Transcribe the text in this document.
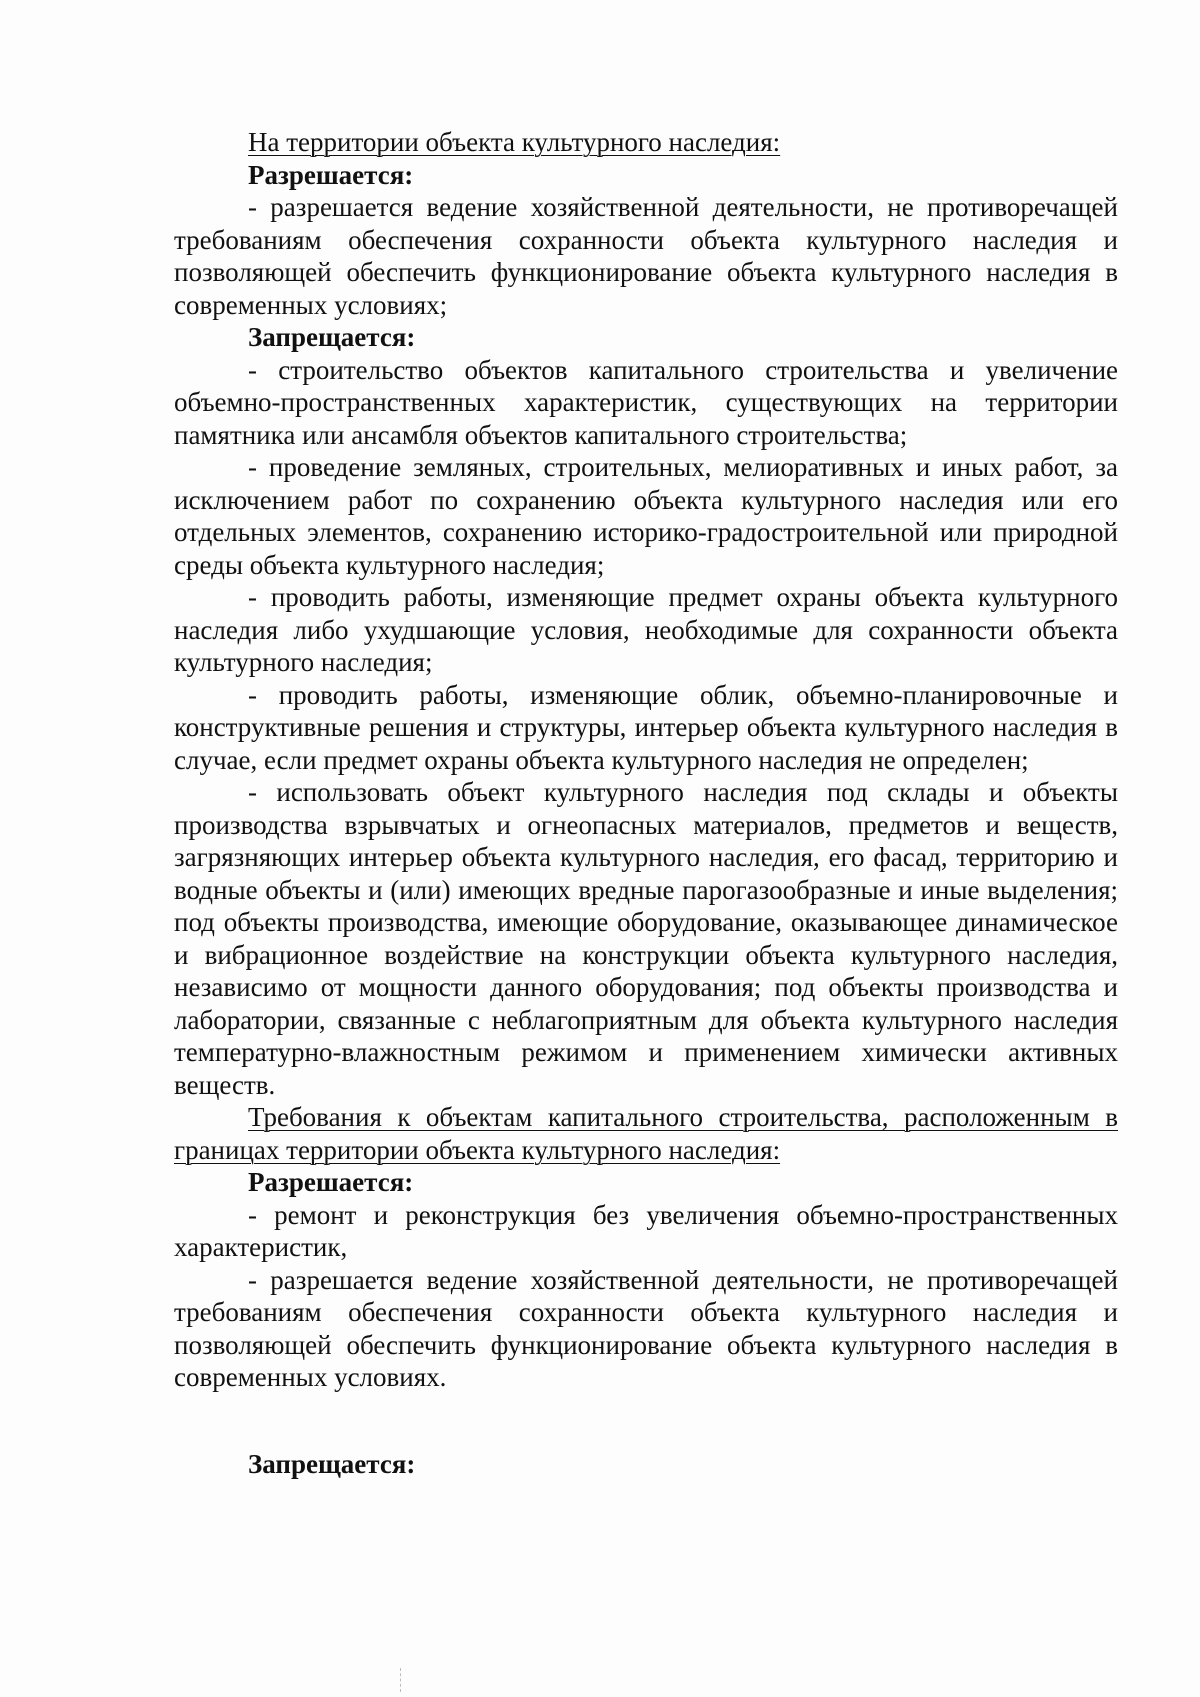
На территории объекта культурного наследия:

Разрешается:

- разрешается ведение хозяйственной деятельности, не противоречащей требованиям обеспечения сохранности объекта культурного наследия и позволяющей обеспечить функционирование объекта культурного наследия в современных условиях;

Запрещается:

- строительство объектов капитального строительства и увеличение объемно-пространственных характеристик, существующих на территории памятника или ансамбля объектов капитального строительства;

- проведение земляных, строительных, мелиоративных и иных работ, за исключением работ по сохранению объекта культурного наследия или его отдельных элементов, сохранению историко-градостроительной или природной среды объекта культурного наследия;

- проводить работы, изменяющие предмет охраны объекта культурного наследия либо ухудшающие условия, необходимые для сохранности объекта культурного наследия;

- проводить работы, изменяющие облик, объемно-планировочные и конструктивные решения и структуры, интерьер объекта культурного наследия в случае, если предмет охраны объекта культурного наследия не определен;

- использовать объект культурного наследия под склады и объекты производства взрывчатых и огнеопасных материалов, предметов и веществ, загрязняющих интерьер объекта культурного наследия, его фасад, территорию и водные объекты и (или) имеющих вредные парогазообразные и иные выделения; под объекты производства, имеющие оборудование, оказывающее динамическое и вибрационное воздействие на конструкции объекта культурного наследия, независимо от мощности данного оборудования; под объекты производства и лаборатории, связанные с неблагоприятным для объекта культурного наследия температурно-влажностным режимом и применением химически активных веществ.

Требования к объектам капитального строительства, расположенным в границах территории объекта культурного наследия:

Разрешается:

- ремонт и реконструкция без увеличения объемно-пространственных характеристик,

- разрешается ведение хозяйственной деятельности, не противоречащей требованиям обеспечения сохранности объекта культурного наследия и позволяющей обеспечить функционирование объекта культурного наследия в современных условиях.

Запрещается:
